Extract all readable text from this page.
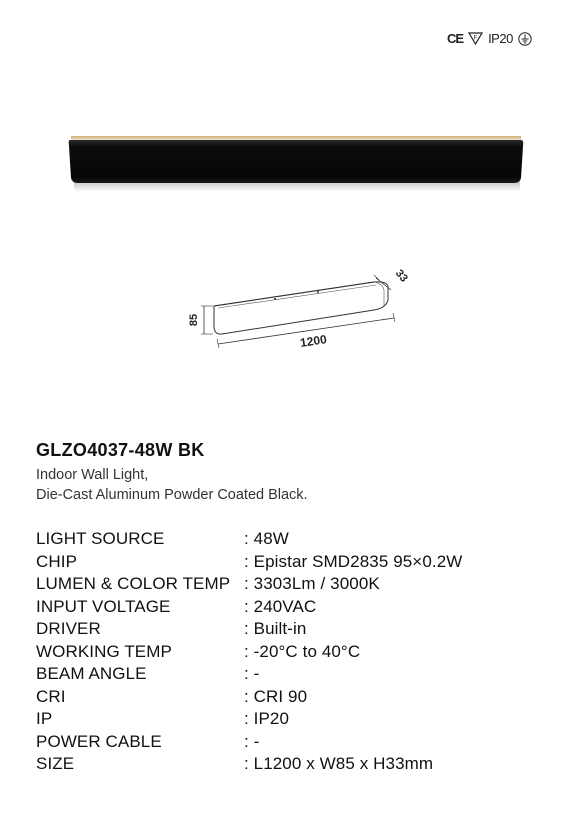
CE F IP20
85
1200
33
GLZO4037-48W BK
Indoor Wall Light,
Die-Cast Aluminum Powder Coated Black.
LIGHT SOURCE	: 48W
CHIP	: Epistar SMD2835 95×0.2W
LUMEN & COLOR TEMP : 3303Lm / 3000K
INPUT VOLTAGE	: 240VAC
DRIVER	: Built-in
WORKING TEMP	: -20°C to 40°C
BEAM ANGLE	: -
CRI	: CRI 90
IP	: IP20
POWER CABLE	: -
SIZE	: L1200 x W85 x H33mm
